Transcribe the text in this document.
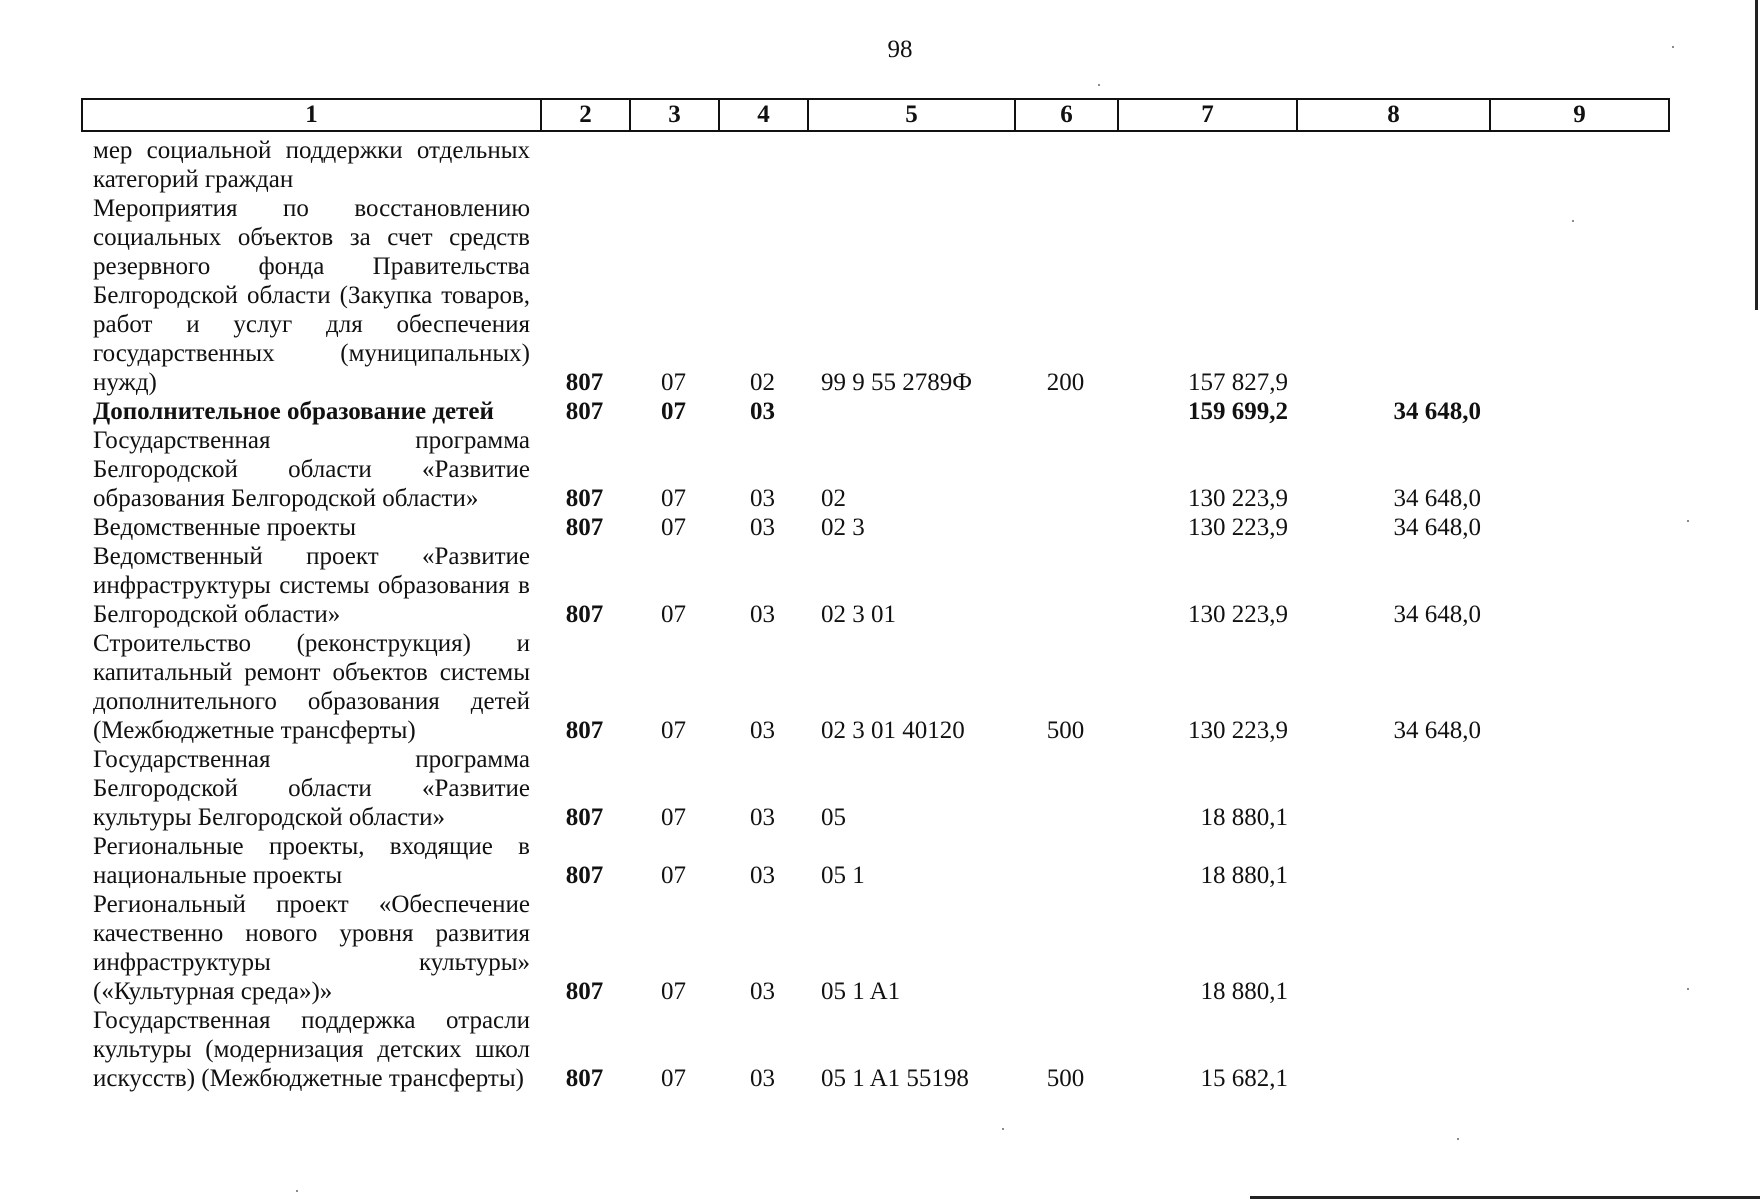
98
1	2	3	4	5	6	7	8	9
мер социальной поддержки отдельных категорий граждан								
Мероприятия по восстановлению социальных объектов за счет средств резервного фонда Правительства Белгородской области (Закупка товаров, работ и услуг для обеспечения государственных (муниципальных) нужд)	807	07	02	99 9 55 2789Ф	200	157 827,9		
Дополнительное образование детей	807	07	03			159 699,2	34 648,0	
Государственная программа Белгородской области «Развитие образования Белгородской области»	807	07	03	02		130 223,9	34 648,0	
Ведомственные проекты	807	07	03	02 3		130 223,9	34 648,0	
Ведомственный проект «Развитие инфраструктуры системы образования в Белгородской области»	807	07	03	02 3 01		130 223,9	34 648,0	
Строительство (реконструкция) и капитальный ремонт объектов системы дополнительного образования детей (Межбюджетные трансферты)	807	07	03	02 3 01 40120	500	130 223,9	34 648,0	
Государственная программа Белгородской области «Развитие культуры Белгородской области»	807	07	03	05		18 880,1		
Региональные проекты, входящие в национальные проекты	807	07	03	05 1		18 880,1		
Региональный проект «Обеспечение качественно нового уровня развития инфраструктуры культуры» («Культурная среда»)»	807	07	03	05 1 A1		18 880,1		
Государственная поддержка отрасли культуры (модернизация детских школ искусств) (Межбюджетные трансферты)	807	07	03	05 1 A1 55198	500	15 682,1		
